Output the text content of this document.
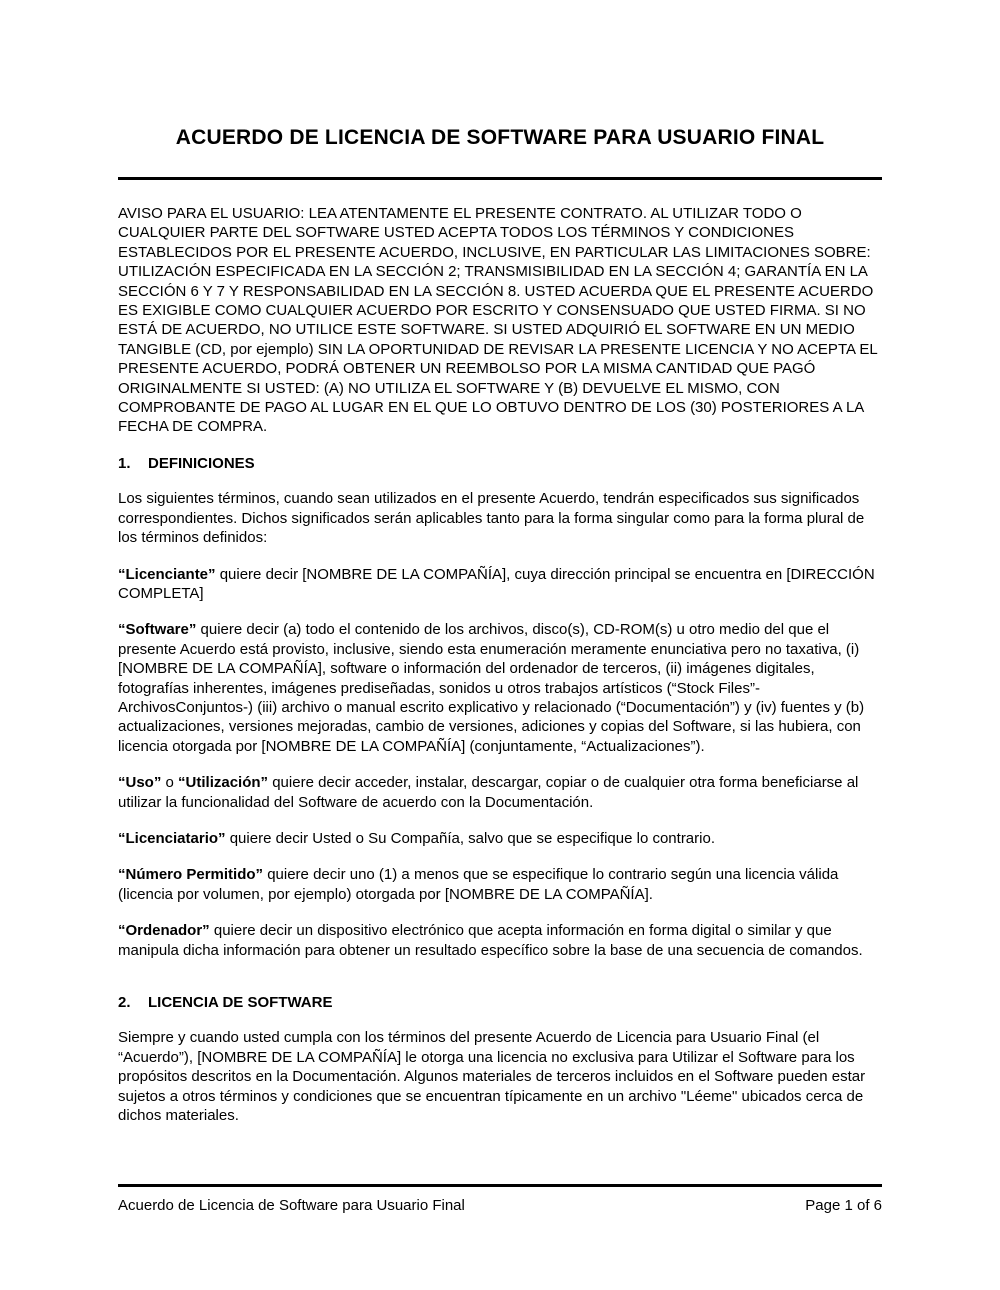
ACUERDO DE LICENCIA DE SOFTWARE PARA USUARIO FINAL

AVISO PARA EL USUARIO: LEA ATENTAMENTE EL PRESENTE CONTRATO. AL UTILIZAR TODO O CUALQUIER PARTE DEL SOFTWARE USTED ACEPTA TODOS LOS TÉRMINOS Y CONDICIONES ESTABLECIDOS POR EL PRESENTE ACUERDO, INCLUSIVE, EN PARTICULAR LAS LIMITACIONES SOBRE: UTILIZACIÓN ESPECIFICADA EN LA SECCIÓN 2; TRANSMISIBILIDAD EN LA SECCIÓN 4; GARANTÍA EN LA SECCIÓN 6 Y 7 Y RESPONSABILIDAD EN LA SECCIÓN 8. USTED ACUERDA QUE EL PRESENTE ACUERDO ES EXIGIBLE COMO CUALQUIER ACUERDO POR ESCRITO Y CONSENSUADO QUE USTED FIRMA. SI NO ESTÁ DE ACUERDO, NO UTILICE ESTE SOFTWARE. SI USTED ADQUIRIÓ EL SOFTWARE EN UN MEDIO TANGIBLE (CD, por ejemplo) SIN LA OPORTUNIDAD DE REVISAR LA PRESENTE LICENCIA Y NO ACEPTA EL PRESENTE ACUERDO, PODRÁ OBTENER UN REEMBOLSO POR LA MISMA CANTIDAD QUE PAGÓ ORIGINALMENTE SI USTED: (A) NO UTILIZA EL SOFTWARE Y (B) DEVUELVE EL MISMO, CON COMPROBANTE DE PAGO AL LUGAR EN EL QUE LO OBTUVO DENTRO DE LOS (30) POSTERIORES A LA FECHA DE COMPRA.

1. DEFINICIONES

Los siguientes términos, cuando sean utilizados en el presente Acuerdo, tendrán especificados sus significados correspondientes. Dichos significados serán aplicables tanto para la forma singular como para la forma plural de los términos definidos:

“Licenciante” quiere decir [NOMBRE DE LA COMPAÑÍA], cuya dirección principal se encuentra en [DIRECCIÓN COMPLETA]

“Software” quiere decir (a) todo el contenido de los archivos, disco(s), CD-ROM(s) u otro medio del que el presente Acuerdo está provisto, inclusive, siendo esta enumeración meramente enunciativa pero no taxativa, (i) [NOMBRE DE LA COMPAÑÍA], software o información del ordenador de terceros, (ii) imágenes digitales, fotografías inherentes, imágenes prediseñadas, sonidos u otros trabajos artísticos (“Stock Files”-ArchivosConjuntos-) (iii) archivo o manual escrito explicativo y relacionado (“Documentación”) y (iv) fuentes y (b) actualizaciones, versiones mejoradas, cambio de versiones, adiciones y copias del Software, si las hubiera, con licencia otorgada por [NOMBRE DE LA COMPAÑÍA] (conjuntamente, “Actualizaciones”).

“Uso” o “Utilización” quiere decir acceder, instalar, descargar, copiar o de cualquier otra forma beneficiarse al utilizar la funcionalidad del Software de acuerdo con la Documentación.

“Licenciatario” quiere decir Usted o Su Compañía, salvo que se especifique lo contrario.

“Número Permitido” quiere decir uno (1) a menos que se especifique lo contrario según una licencia válida (licencia por volumen, por ejemplo) otorgada por [NOMBRE DE LA COMPAÑÍA].

“Ordenador” quiere decir un dispositivo electrónico que acepta información en forma digital o similar y que manipula dicha información para obtener un resultado específico sobre la base de una secuencia de comandos.

2. LICENCIA DE SOFTWARE

Siempre y cuando usted cumpla con los términos del presente Acuerdo de Licencia para Usuario Final (el “Acuerdo”), [NOMBRE DE LA COMPAÑÍA] le otorga una licencia no exclusiva para Utilizar el Software para los propósitos descritos en la Documentación. Algunos materiales de terceros incluidos en el Software pueden estar sujetos a otros términos y condiciones que se encuentran típicamente en un archivo "Léeme" ubicados cerca de dichos materiales.

Acuerdo de Licencia de Software para Usuario Final	Page 1 of 6
